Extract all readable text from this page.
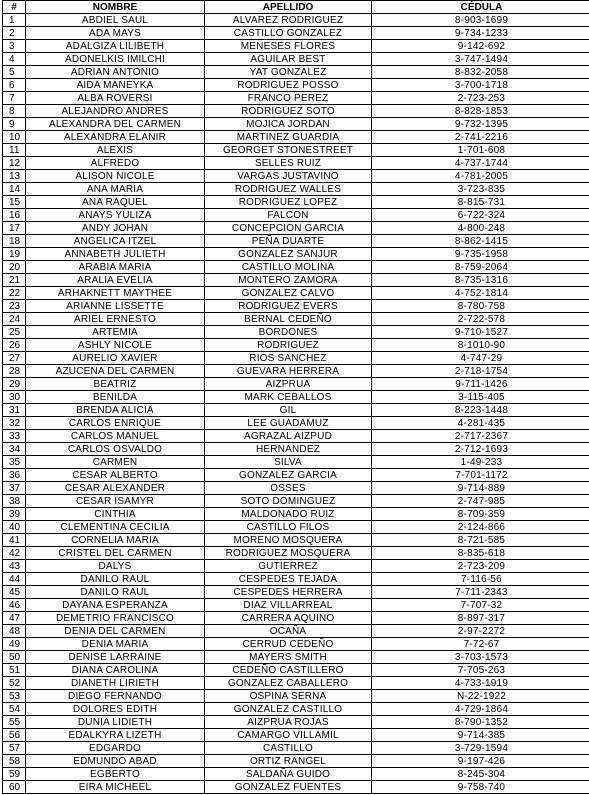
#	NOMBRE	APELLIDO	CÉDULA
1	ABDIEL SAUL	ALVAREZ RODRIGUEZ	8-903-1699
2	ADA MAYS	CASTILLO GONZALEZ	9-734-1233
3	ADALGIZA LILIBETH	MENESES FLORES	9-142-692
4	ADONELKIS IMILCHI	AGUILAR BEST	3-747-1494
5	ADRIAN ANTONIO	YAT GONZALEZ	8-832-2058
6	AIDA MANEYKA	RODRIGUEZ POSSO	3-700-1718
7	ALBA ROVERSI	FRANCO PEREZ	2-723-253
8	ALEJANDRO ANDRES	RODRIGUEZ SOTO	8-828-1853
9	ALEXANDRA DEL CARMEN	MOJICA JORDAN	9-732-1395
10	ALEXANDRA ELANIR	MARTINEZ GUARDIA	2-741-2216
11	ALEXIS	GEORGET STONESTREET	1-701-608
12	ALFREDO	SELLES RUIZ	4-737-1744
13	ALISON NICOLE	VARGAS JUSTAVINO	4-781-2005
14	ANA MARIA	RODRIGUEZ WALLES	3-723-835
15	ANA RAQUEL	RODRIGUEZ LOPEZ	8-815-731
16	ANAYS YULIZA	FALCON	6-722-324
17	ANDY JOHAN	CONCEPCION GARCIA	4-800-248
18	ANGELICA ITZEL	PEÑA DUARTE	8-862-1415
19	ANNABETH JULIETH	GONZALEZ SANJUR	9-735-1958
20	ARABIA MARIA	CASTILLO MOLINA	8-759-2064
21	ARALIA EVELIA	MONTERO ZAMORA	8-735-1316
22	ARHAKNETT MAYTHEE	GONZALEZ CALVO	4-752-1814
23	ARIANNE LISSETTE	RODRIGUEZ EVERS	8-780-758
24	ARIEL ERNESTO	BERNAL CEDEÑO	2-722-578
25	ARTEMIA	BORDONES	9-710-1527
26	ASHLY NICOLE	RODRIGUEZ	8-1010-90
27	AURELIO XAVIER	RIOS SANCHEZ	4-747-29
28	AZUCENA DEL CARMEN	GUEVARA HERRERA	2-718-1754
29	BEATRIZ	AIZPRUA	9-711-1426
30	BENILDA	MARK CEBALLOS	3-115-405
31	BRENDA ALICIA	GIL	8-223-1448
32	CARLOS ENRIQUE	LEE GUADAMUZ	4-281-435
33	CARLOS MANUEL	AGRAZAL AIZPUD	2-717-2367
34	CARLOS OSVALDO	HERNANDEZ	2-712-1693
35	CARMEN	SILVA	1-49-233
36	CESAR ALBERTO	GONZALEZ GARCIA	7-701-1172
37	CESAR ALEXANDER	OSSES	9-714-889
38	CESAR ISAMYR	SOTO DOMINGUEZ	2-747-985
39	CINTHIA	MALDONADO RUIZ	8-709-359
40	CLEMENTINA CECILIA	CASTILLO FILOS	2-124-866
41	CORNELIA MARIA	MORENO MOSQUERA	8-721-585
42	CRISTEL DEL CARMEN	RODRIGUEZ MOSQUERA	8-835-618
43	DALYS	GUTIERREZ	2-723-209
44	DANILO RAUL	CESPEDES TEJADA	7-116-56
45	DANILO RAUL	CESPEDES HERRERA	7-711-2343
46	DAYANA ESPERANZA	DIAZ VILLARREAL	7-707-32
47	DEMETRIO FRANCISCO	CARRERA AQUINO	8-897-317
48	DENIA DEL CARMEN	OCAÑA	2-97-2272
49	DENIA MARIA	CERRUD CEDEÑO	7-72-67
50	DENISE LARRAINE	MAYERS SMITH	3-703-1573
51	DIANA CAROLINA	CEDEÑO CASTILLERO	7-705-263
52	DIANETH LIRIETH	GONZALEZ CABALLERO	4-733-1919
53	DIEGO FERNANDO	OSPINA SERNA	N-22-1922
54	DOLORES EDITH	GONZALEZ CASTILLO	4-729-1864
55	DUNIA LIDIETH	AIZPRUA ROJAS	8-790-1352
56	EDALKYRA LIZETH	CAMARGO VILLAMIL	9-714-385
57	EDGARDO	CASTILLO	3-729-1594
58	EDMUNDO ABAD	ORTIZ RANGEL	9-197-426
59	EGBERTO	SALDAÑA GUIDO	8-245-304
60	EIRA MICHEEL	GONZALEZ FUENTES	9-758-740
